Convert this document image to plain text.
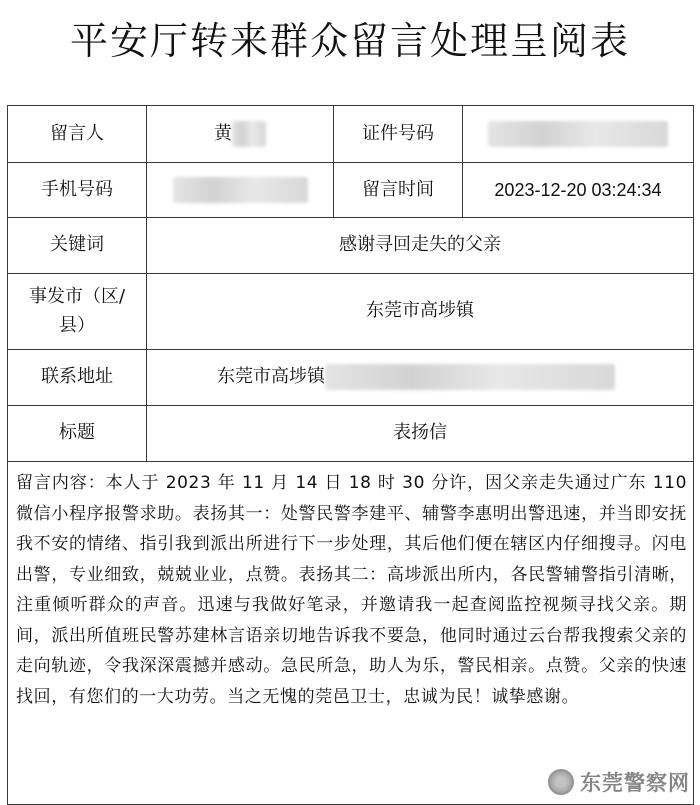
平安厅转来群众留言处理呈阅表
留言人	黄	证件号码	
手机号码		留言时间	2023-12-20 03:24:34
关键词	感谢寻回走失的父亲		
事发市（区/县）	东莞市高埗镇		
联系地址	东莞市高埗镇		
标题	表扬信		
留言内容：本人于 2023 年 11 月 14 日 18 时 30 分许，因父亲走失通过广东 110 微信小程序报警求助。表扬其一：处警民警李建平、辅警李惠明出警迅速，并当即安抚我不安的情绪、指引我到派出所进行下一步处理，其后他们便在辖区内仔细搜寻。闪电出警，专业细致，兢兢业业，点赞。表扬其二：高埗派出所内，各民警辅警指引清晰，注重倾听群众的声音。迅速与我做好笔录，并邀请我一起查阅监控视频寻找父亲。期间，派出所值班民警苏建林言语亲切地告诉我不要急，他同时通过云台帮我搜索父亲的走向轨迹，令我深深震撼并感动。急民所急，助人为乐，警民相亲。点赞。父亲的快速找回，有您们的一大功劳。当之无愧的莞邑卫士，忠诚为民！诚挚感谢。			
东莞警察网
